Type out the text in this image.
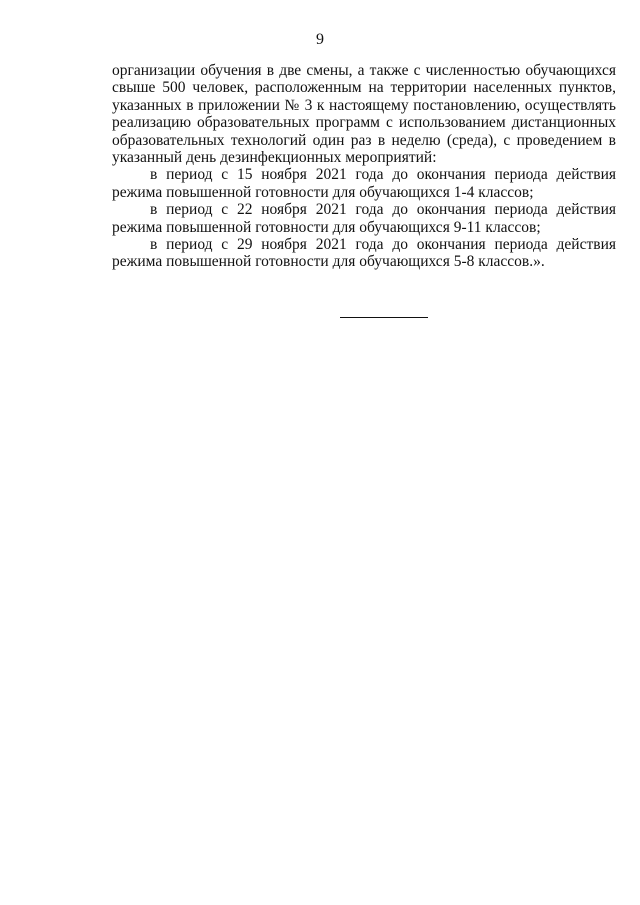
9

организации обучения в две смены, а также с численностью обучающихся свыше 500 человек, расположенным на территории населенных пунктов, указанных в приложении № 3 к настоящему постановлению, осуществлять реализацию образовательных программ с использованием дистанционных образовательных технологий один раз в неделю (среда), с проведением в указанный день дезинфекционных мероприятий:

в период с 15 ноября 2021 года до окончания периода действия режима повышенной готовности для обучающихся 1-4 классов;

в период с 22 ноября 2021 года до окончания периода действия режима повышенной готовности для обучающихся 9-11 классов;

в период с 29 ноября 2021 года до окончания периода действия режима повышенной готовности для обучающихся 5-8 классов.».
